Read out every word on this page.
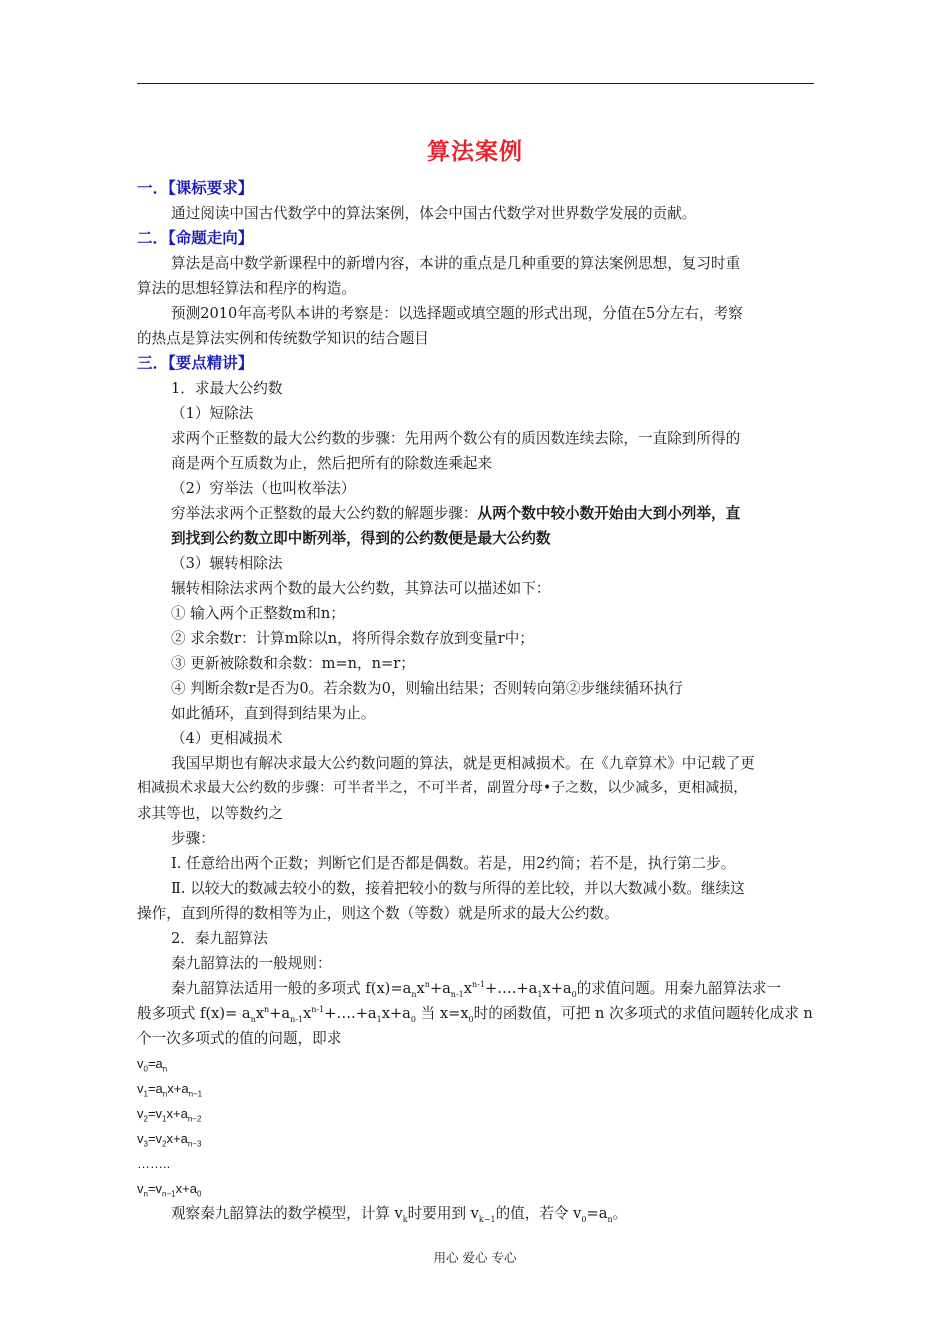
算法案例
一．【课标要求】
通过阅读中国古代数学中的算法案例，体会中国古代数学对世界数学发展的贡献。
二．【命题走向】
算法是高中数学新课程中的新增内容，本讲的重点是几种重要的算法案例思想，复习时重
算法的思想轻算法和程序的构造。
预测2010年高考队本讲的考察是：以选择题或填空题的形式出现，分值在5分左右，考察
的热点是算法实例和传统数学知识的结合题目
三．【要点精讲】
1．求最大公约数
（1）短除法
求两个正整数的最大公约数的步骤：先用两个数公有的质因数连续去除，一直除到所得的
商是两个互质数为止，然后把所有的除数连乘起来
（2）穷举法（也叫枚举法）
穷举法求两个正整数的最大公约数的解题步骤：从两个数中较小数开始由大到小列举，直
到找到公约数立即中断列举，得到的公约数便是最大公约数
（3）辗转相除法
辗转相除法求两个数的最大公约数，其算法可以描述如下：
① 输入两个正整数m和n；
② 求余数r：计算m除以n，将所得余数存放到变量r中；
③ 更新被除数和余数：m=n，n=r；
④ 判断余数r是否为0。若余数为0，则输出结果；否则转向第②步继续循环执行
如此循环，直到得到结果为止。
（4）更相减损术
我国早期也有解决求最大公约数问题的算法，就是更相减损术。在《九章算术》中记载了更
相减损术求最大公约数的步骤：可半者半之，不可半者，副置分母•子之数，以少减多，更相减损，
求其等也，以等数约之
步骤：
Ⅰ. 任意给出两个正数；判断它们是否都是偶数。若是，用2约简；若不是，执行第二步。
Ⅱ. 以较大的数减去较小的数，接着把较小的数与所得的差比较，并以大数减小数。继续这
操作，直到所得的数相等为止，则这个数（等数）就是所求的最大公约数。
2．秦九韶算法
秦九韶算法的一般规则：
秦九韶算法适用一般的多项式 $f(x)=a_nx^n+a_{n-1}x^{n-1}+\dots.+a_1x+a_0$的求值问题。用秦九韶算法求一
般多项式 $f(x)= a_nx^n+a_{n-1}x^{n-1}+\dots.+a_1x+a_0$ 当 $x=x_0$时的函数值，可把 n 次多项式的求值问题转化成求 n
个一次多项式的值的问题，即求
$v_0=a_n$
$v_1=a_nx+a_{n-1}$
$v_2=v_1x+a_{n-2}$
$v_3=v_2x+a_{n-3}$
……..
$v_n=v_{n-1}x+a_0$
观察秦九韶算法的数学模型，计算 $v_k$时要用到 $v_{k-1}$的值，若令 $v_0=a_n$。
用心 爱心 专心
